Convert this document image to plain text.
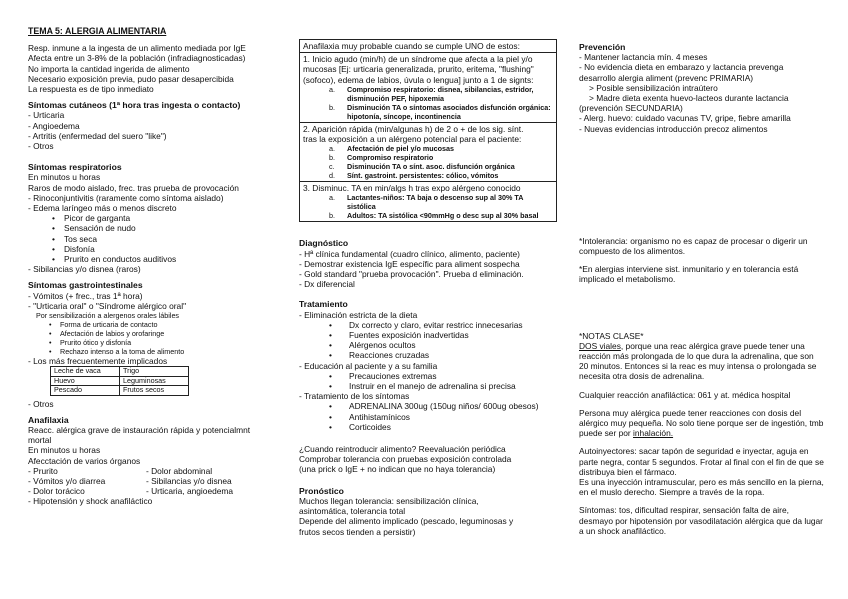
TEMA 5: ALERGIA ALIMENTARIA

Resp. inmune a la ingesta de un alimento mediada por IgE

Afecta entre un 3-8% de la población (infradiagnosticadas)

No importa la cantidad ingerida de alimento

Necesario exposición previa, pudo pasar desapercibida

La respuesta es de tipo inmediato

Síntomas cutáneos (1ª hora tras ingesta o contacto)

- Urticaria

- Angioedema

- Artritis (enfermedad del suero "like")

- Otros

Síntomas respiratorios

En minutos u horas

Raros de modo aislado, frec. tras prueba de provocación

- Rinoconjuntivitis (raramente como síntoma aislado)

- Edema laríngeo más o menos discreto

• Picor de garganta
• Sensación de nudo
• Tos seca
• Disfonía
• Prurito en conductos auditivos

- Sibilancias y/o disnea (raros)

Síntomas gastrointestinales

- Vómitos (+ frec., tras 1ª hora)

- "Urticaria oral" o "Síndrome alérgico oral"

Por sensibilización a alergenos orales lábiles

• Forma de urticaria de contacto
• Afectación de labios y orofaringe
• Prurito ótico y disfonía
• Rechazo intenso a la toma de alimento

- Los más frecuentemente implicados

Leche de vaca	Trigo
Huevo	Leguminosas
Pescado	Frutos secos

- Otros

Anafilaxia

Reacc. alérgica grave de instauración rápida y potencialmnt

mortal

En minutos u horas

Afecctación de varios órganos

- Prurito	- Dolor abdominal
- Vómitos y/o diarrea	- Sibilancias y/o disnea
- Dolor torácico	- Urticaria, angioedema

- Hipotensión y shock anafiláctico

Anafilaxia muy probable cuando se cumple UNO de estos:

1. Inicio agudo (min/h) de un síndrome que afecta a la piel y/o

mucosas [Ej: urticaria generalizada, prurito, eritema, "flushing"

(sofoco), edema de labios, úvula o lengua] junto a 1 de signts:

a. Compromiso respiratorio: disnea, sibilancias, estridor,
disminución PEF, hipoxemia
b. Disminución TA o síntomas asociados disfunción orgánica:
hipotonía, síncope, incontinencia

2. Aparición rápida (min/algunas h) de 2 o + de los sig. sínt.

tras la exposición a un alérgeno potencial para el paciente:

a. Afectación de piel y/o mucosas
b. Compromiso respiratorio
c. Disminución TA o sínt. asoc. disfunción orgánica
d. Sínt. gastroint. persistentes: cólico, vómitos

3. Disminuc. TA en min/algs h tras expo alérgeno conocido

a. Lactantes-niños: TA baja o descenso sup al 30% TA sistólica
b. Adultos: TA sistólica <90mmHg o desc sup al 30% basal

Diagnóstico

- Hª clínica fundamental (cuadro clínico, alimento, paciente)

- Demostrar existencia IgE específic para aliment sospecha

- Gold standard "prueba provocación". Prueba d eliminación.

- Dx diferencial

Tratamiento

- Eliminación estricta de la dieta

• Dx correcto y claro, evitar restricc innecesarias
• Fuentes exposición inadvertidas
• Alérgenos ocultos
• Reacciones cruzadas

- Educación al paciente y a su familia

• Precauciones extremas
• Instruir en el manejo de adrenalina si precisa

- Tratamiento de los síntomas

• ADRENALINA 300ug (150ug niños/ 600ug obesos)
• Antihistamínicos
• Corticoides

¿Cuando reintroducir alimento? Reevaluación periódica

Comprobar tolerancia con pruebas exposición controlada

(una prick o IgE + no indican que no haya tolerancia)

Pronóstico

Muchos llegan tolerancia: sensibilización clínica,

asintomática, tolerancia total

Depende del alimento implicado (pescado, leguminosas y

frutos secos tienden a persistir)

Prevención

- Mantener lactancia mín. 4 meses

- No evidencia dieta en embarazo y lactancia prevenga

desarrollo alergia aliment (prevenc PRIMARIA)

> Posible sensibilización intraútero

> Madre dieta exenta huevo-lacteos durante lactancia

(prevención SECUNDARIA)

- Alerg. huevo: cuidado vacunas TV, gripe, fiebre amarilla

- Nuevas evidencias introducción precoz alimentos

*Intolerancia: organismo no es capaz de procesar o digerir un compuesto de los alimentos.

*En alergias interviene sist. inmunitario y en tolerancia está implicado el metabolismo.

*NOTAS CLASE*

DOS viales, porque una reac alérgica grave puede tener una reacción más prolongada de lo que dura la adrenalina, que son 20 minutos. Entonces si la reac es muy intensa o prolongada se necesita otra dosis de adrenalina.

Cualquier reacción anafiláctica: 061 y at. médica hospital

Persona muy alérgica puede tener reacciones con dosis del alérgico muy pequeña. No solo tiene porque ser de ingestión, tmb puede ser por inhalación.

Autoinyectores: sacar tapón de seguridad e inyectar, aguja en parte negra, contar 5 segundos. Frotar al final con el fin de que se distribuya bien el fármaco.

Es una inyección intramuscular, pero es más sencillo en la pierna, en el muslo derecho. Siempre a través de la ropa.

Síntomas: tos, dificultad respirar, sensación falta de aire, desmayo por hipotensión por vasodilatación alérgica que da lugar a un shock anafiláctico.
